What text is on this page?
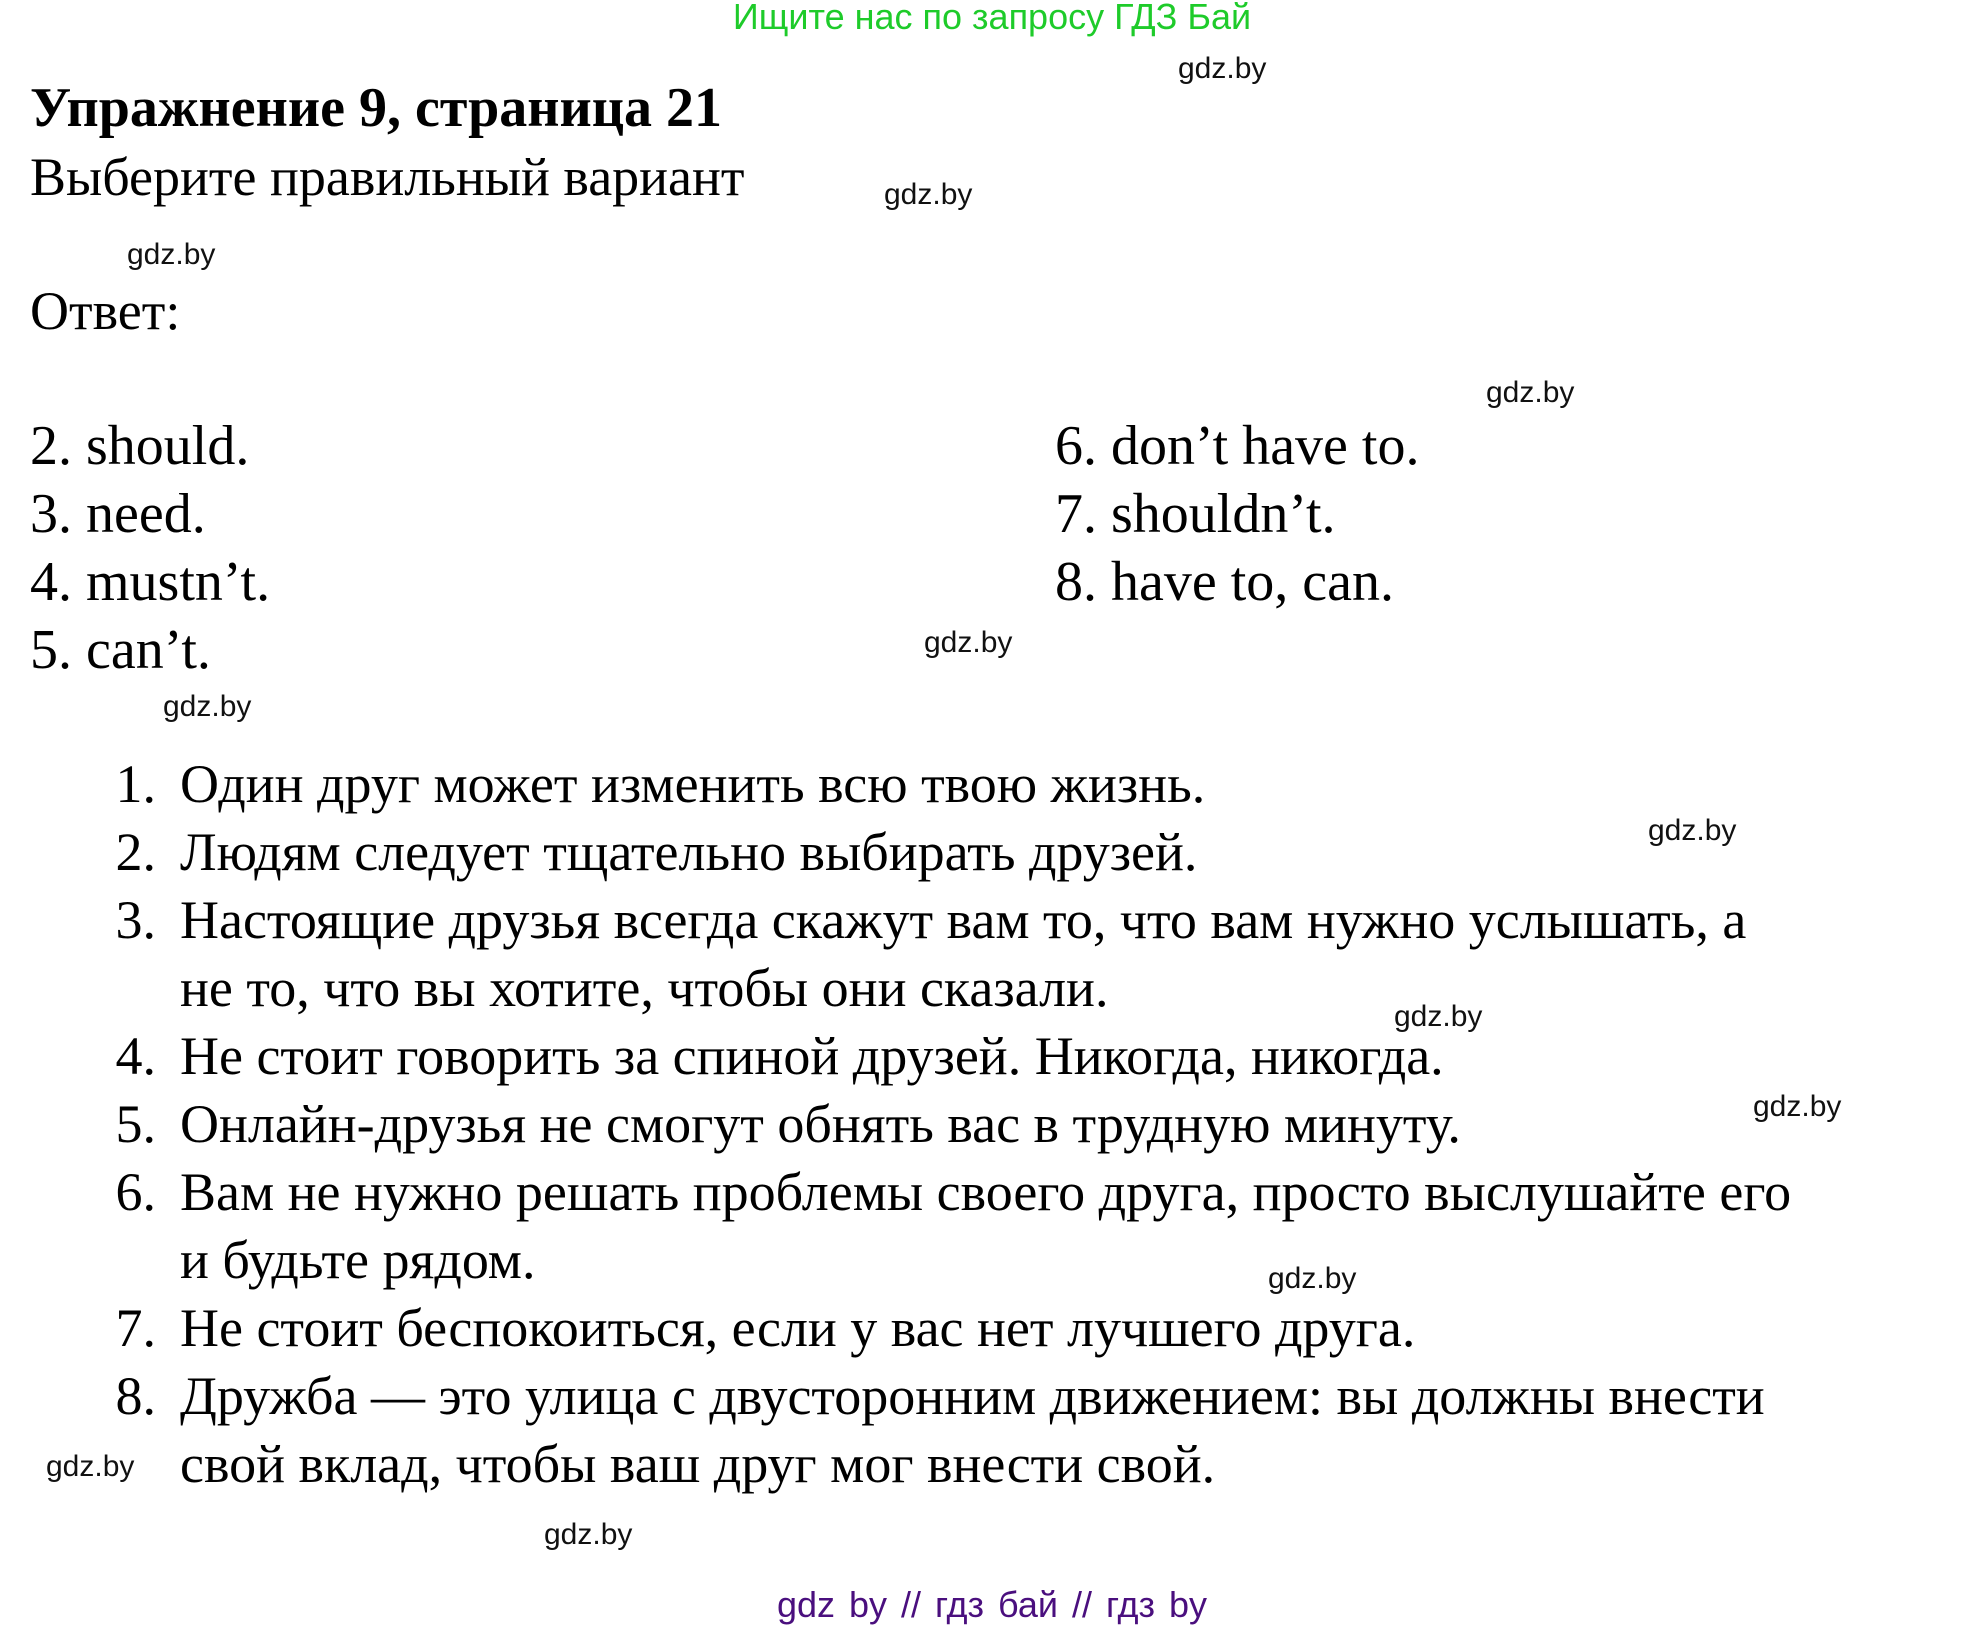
Ищите нас по запросу ГДЗ Бай
Упражнение 9, страница 21
Выберите правильный вариант
Ответ:
2. should.
3. need.
4. mustn’t.
5. can’t.
6. don’t have to.
7. shouldn’t.
8. have to, can.
1. Один друг может изменить всю твою жизнь.
2. Людям следует тщательно выбирать друзей.
3. Настоящие друзья всегда скажут вам то, что вам нужно услышать, а
не то, что вы хотите, чтобы они сказали.
4. Не стоит говорить за спиной друзей. Никогда, никогда.
5. Онлайн-друзья не смогут обнять вас в трудную минуту.
6. Вам не нужно решать проблемы своего друга, просто выслушайте его
и будьте рядом.
7. Не стоит беспокоиться, если у вас нет лучшего друга.
8. Дружба — это улица с двусторонним движением: вы должны внести
свой вклад, чтобы ваш друг мог внести свой.
gdz.by
gdz.by
gdz.by
gdz.by
gdz.by
gdz.by
gdz.by
gdz.by
gdz.by
gdz.by
gdz.by
gdz.by
gdz by // гдз бай // гдз by
